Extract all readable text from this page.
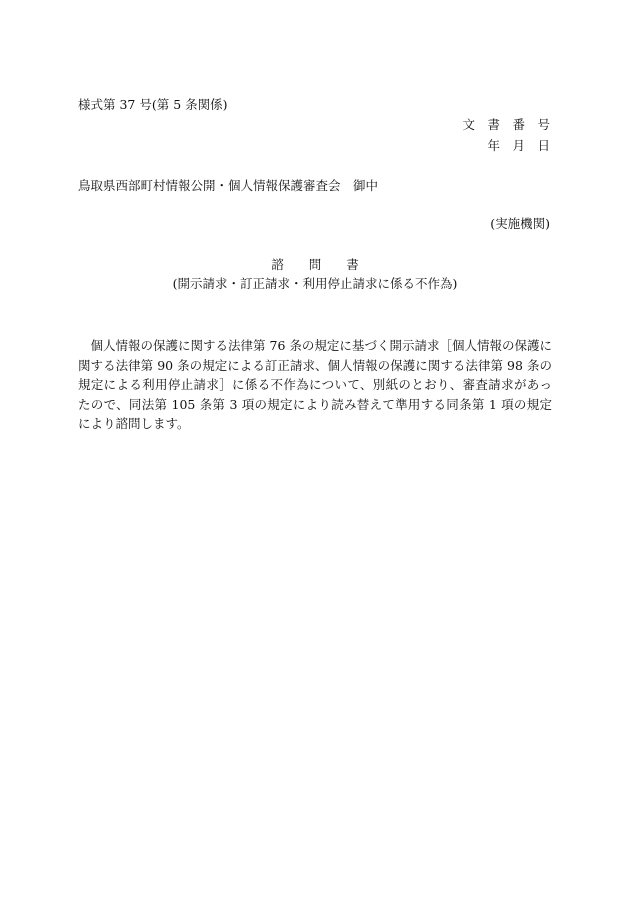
様式第 37 号(第 5 条関係)
文　書　番　号
年　月　日
鳥取県西部町村情報公開・個人情報保護審査会　御中
(実施機関)
諮　　問　　書
(開示請求・訂正請求・利用停止請求に係る不作為)
個人情報の保護に関する法律第 76 条の規定に基づく開示請求［個人情報の保護に関する法律第 90 条の規定による訂正請求、個人情報の保護に関する法律第 98 条の規定による利用停止請求］に係る不作為について、別紙のとおり、審査請求があったので、同法第 105 条第 3 項の規定により読み替えて準用する同条第 1 項の規定により諮問します。
